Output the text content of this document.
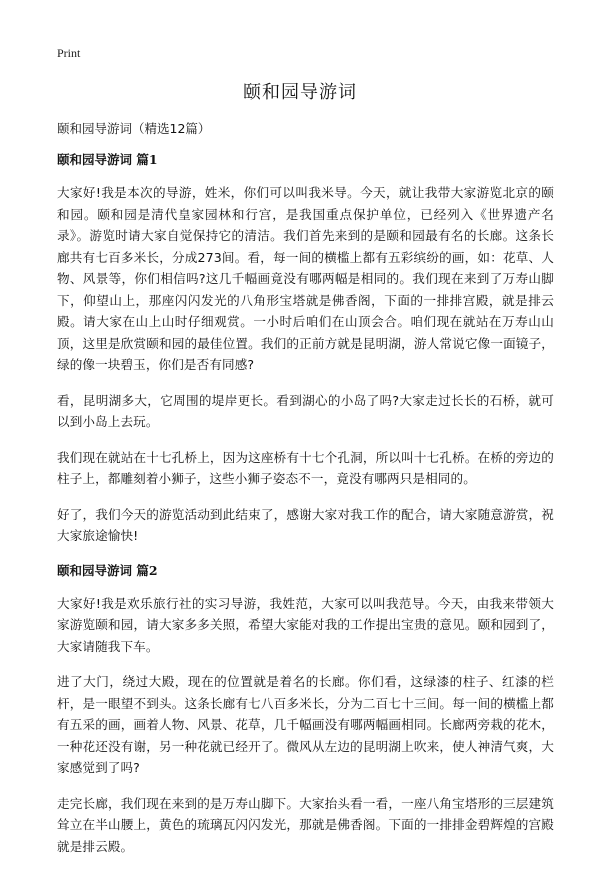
Print
颐和园导游词

颐和园导游词（精选12篇）

颐和园导游词 篇1

大家好!我是本次的导游，姓米，你们可以叫我米导。今天，就让我带大家游览北京的颐和园。颐和园是清代皇家园林和行宫，是我国重点保护单位，已经列入《世界遗产名录》。游览时请大家自觉保持它的清洁。我们首先来到的是颐和园最有名的长廊。这条长廊共有七百多米长，分成273间。看，每一间的横槛上都有五彩缤纷的画，如：花草、人物、风景等，你们相信吗?这几千幅画竟没有哪两幅是相同的。我们现在来到了万寿山脚下，仰望山上，那座闪闪发光的八角形宝塔就是佛香阁，下面的一排排宫殿，就是排云殿。请大家在山上山时仔细观赏。一小时后咱们在山顶会合。咱们现在就站在万寿山山顶，这里是欣赏颐和园的最佳位置。我们的正前方就是昆明湖，游人常说它像一面镜子，绿的像一块碧玉，你们是否有同感?

看，昆明湖多大，它周围的堤岸更长。看到湖心的小岛了吗?大家走过长长的石桥，就可以到小岛上去玩。

我们现在就站在十七孔桥上，因为这座桥有十七个孔洞，所以叫十七孔桥。在桥的旁边的柱子上，都雕刻着小狮子，这些小狮子姿态不一，竟没有哪两只是相同的。

好了，我们今天的游览活动到此结束了，感谢大家对我工作的配合，请大家随意游赏，祝大家旅途愉快!

颐和园导游词 篇2

大家好!我是欢乐旅行社的实习导游，我姓范，大家可以叫我范导。今天，由我来带领大家游览颐和园，请大家多多关照，希望大家能对我的工作提出宝贵的意见。颐和园到了，大家请随我下车。

进了大门，绕过大殿，现在的位置就是着名的长廊。你们看，这绿漆的柱子、红漆的栏杆，是一眼望不到头。这条长廊有七八百多米长，分为二百七十三间。每一间的横槛上都有五采的画，画着人物、风景、花草，几千幅画没有哪两幅画相同。长廊两旁栽的花木，一种花还没有谢，另一种花就已经开了。微风从左边的昆明湖上吹来，使人神清气爽，大家感觉到了吗?

走完长廊，我们现在来到的是万寿山脚下。大家抬头看一看，一座八角宝塔形的三层建筑耸立在半山腰上，黄色的琉璃瓦闪闪发光，那就是佛香阁。下面的一排排金碧辉煌的宫殿就是排云殿。
